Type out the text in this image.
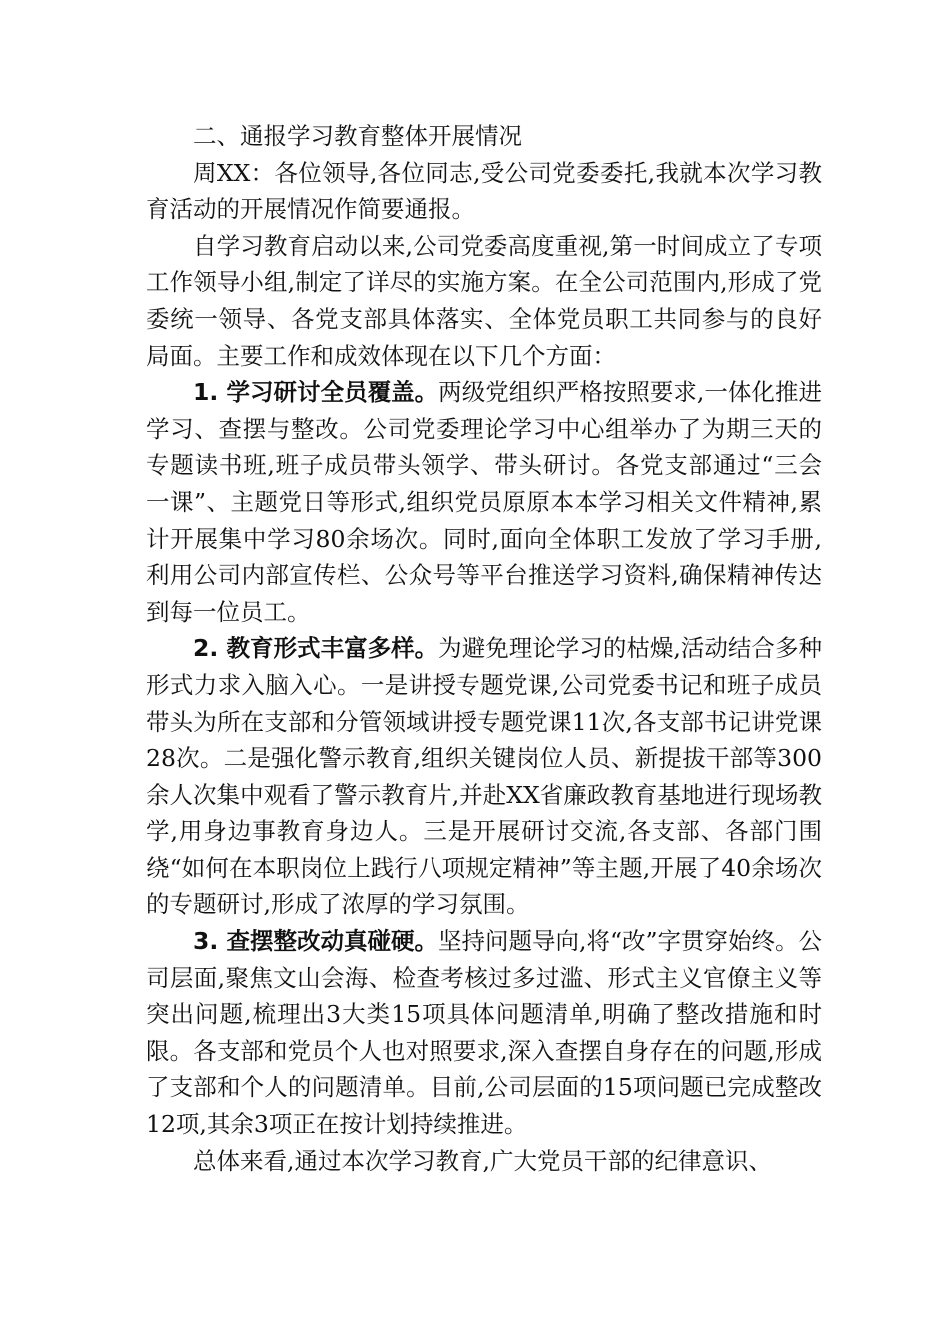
二、通报学习教育整体开展情况

周XX：各位领导,各位同志,受公司党委委托,我就本次学习教育活动的开展情况作简要通报。

自学习教育启动以来,公司党委高度重视,第一时间成立了专项工作领导小组,制定了详尽的实施方案。在全公司范围内,形成了党委统一领导、各党支部具体落实、全体党员职工共同参与的良好局面。主要工作和成效体现在以下几个方面：

1. 学习研讨全员覆盖。两级党组织严格按照要求,一体化推进学习、查摆与整改。公司党委理论学习中心组举办了为期三天的专题读书班,班子成员带头领学、带头研讨。各党支部通过“三会一课”、主题党日等形式,组织党员原原本本学习相关文件精神,累计开展集中学习80余场次。同时,面向全体职工发放了学习手册,利用公司内部宣传栏、公众号等平台推送学习资料,确保精神传达到每一位员工。

2. 教育形式丰富多样。为避免理论学习的枯燥,活动结合多种形式力求入脑入心。一是讲授专题党课,公司党委书记和班子成员带头为所在支部和分管领域讲授专题党课11次,各支部书记讲党课28次。二是强化警示教育,组织关键岗位人员、新提拔干部等300余人次集中观看了警示教育片,并赴XX省廉政教育基地进行现场教学,用身边事教育身边人。三是开展研讨交流,各支部、各部门围绕“如何在本职岗位上践行八项规定精神”等主题,开展了40余场次的专题研讨,形成了浓厚的学习氛围。

3. 查摆整改动真碰硬。坚持问题导向,将“改”字贯穿始终。公司层面,聚焦文山会海、检查考核过多过滥、形式主义官僚主义等突出问题,梳理出3大类15项具体问题清单,明确了整改措施和时限。各支部和党员个人也对照要求,深入查摆自身存在的问题,形成了支部和个人的问题清单。目前,公司层面的15项问题已完成整改12项,其余3项正在按计划持续推进。

总体来看,通过本次学习教育,广大党员干部的纪律意识、
